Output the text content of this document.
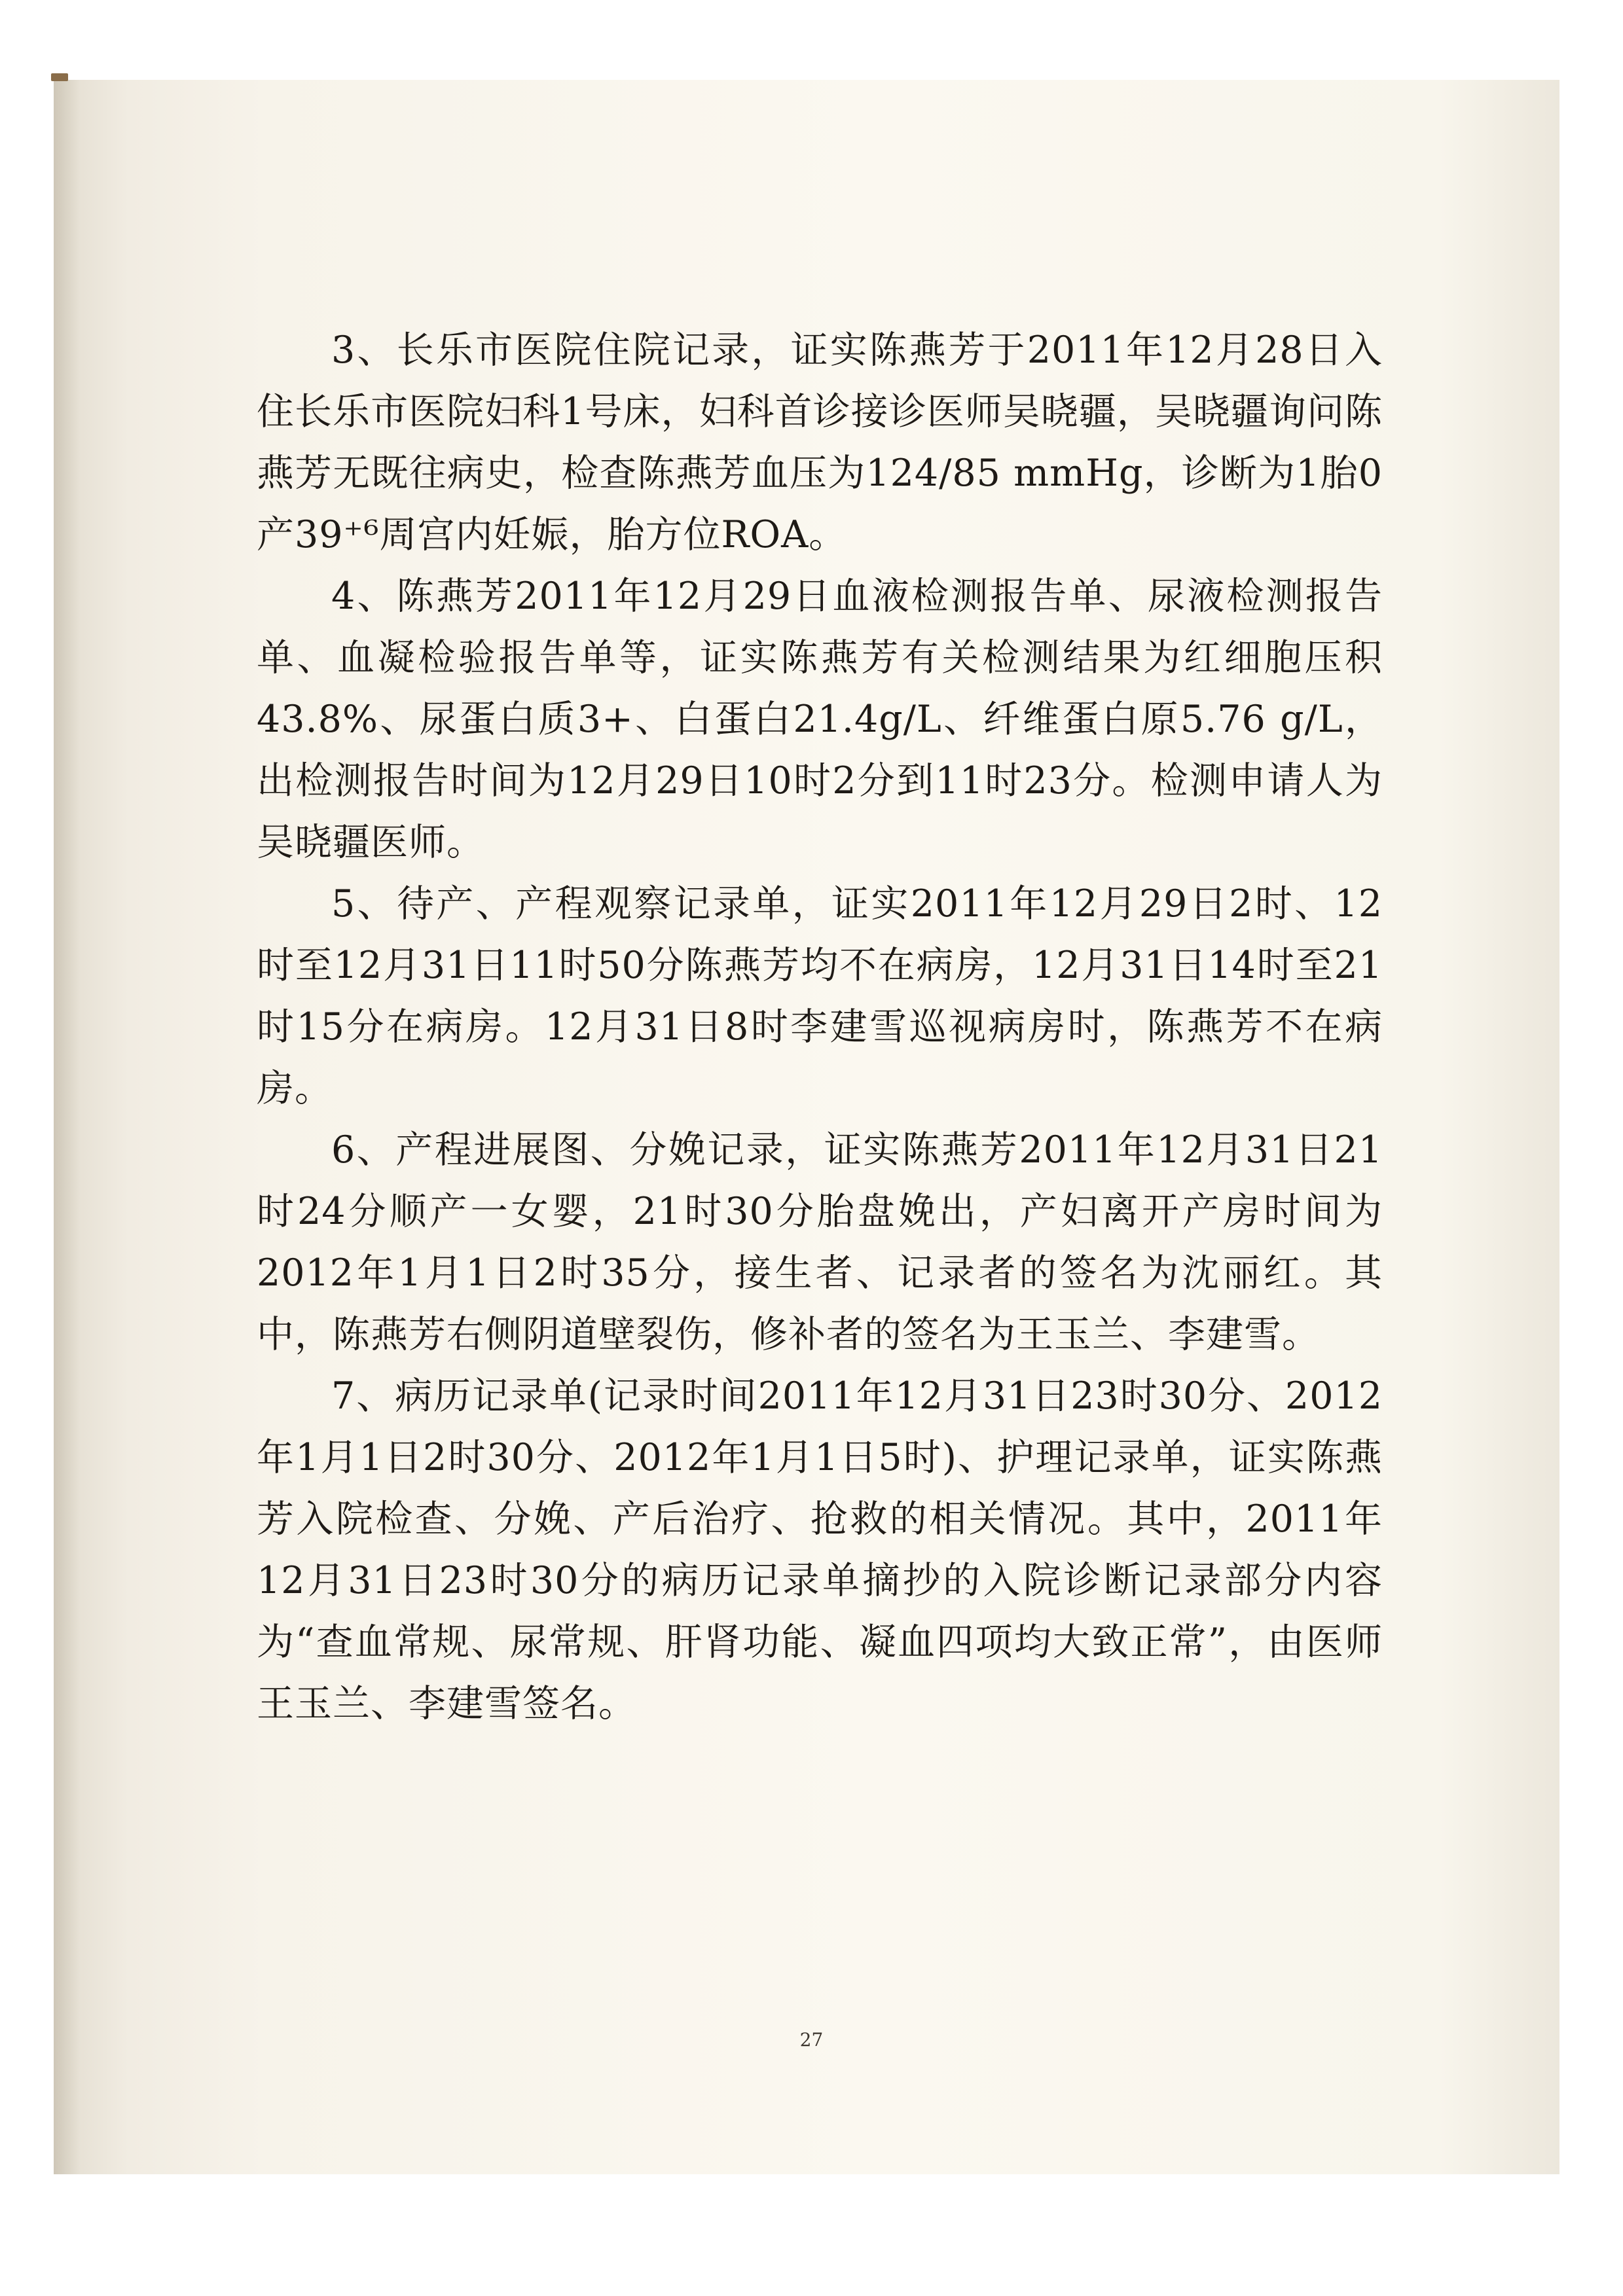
3、长乐市医院住院记录，证实陈燕芳于2011年12月28日入住长乐市医院妇科1号床，妇科首诊接诊医师吴晓疆，吴晓疆询问陈燕芳无既往病史，检查陈燕芳血压为124/85 mmHg，诊断为1胎0产39⁺⁶周宫内妊娠，胎方位ROA。

4、陈燕芳2011年12月29日血液检测报告单、尿液检测报告单、血凝检验报告单等，证实陈燕芳有关检测结果为红细胞压积43.8%、尿蛋白质3+、白蛋白21.4g/L、纤维蛋白原5.76 g/L，出检测报告时间为12月29日10时2分到11时23分。检测申请人为吴晓疆医师。

5、待产、产程观察记录单，证实2011年12月29日2时、12时至12月31日11时50分陈燕芳均不在病房，12月31日14时至21时15分在病房。12月31日8时李建雪巡视病房时，陈燕芳不在病房。

6、产程进展图、分娩记录，证实陈燕芳2011年12月31日21时24分顺产一女婴，21时30分胎盘娩出，产妇离开产房时间为2012年1月1日2时35分，接生者、记录者的签名为沈丽红。其中，陈燕芳右侧阴道壁裂伤，修补者的签名为王玉兰、李建雪。

7、病历记录单(记录时间2011年12月31日23时30分、2012年1月1日2时30分、2012年1月1日5时)、护理记录单，证实陈燕芳入院检查、分娩、产后治疗、抢救的相关情况。其中，2011年12月31日23时30分的病历记录单摘抄的入院诊断记录部分内容为“查血常规、尿常规、肝肾功能、凝血四项均大致正常”，由医师王玉兰、李建雪签名。

27
